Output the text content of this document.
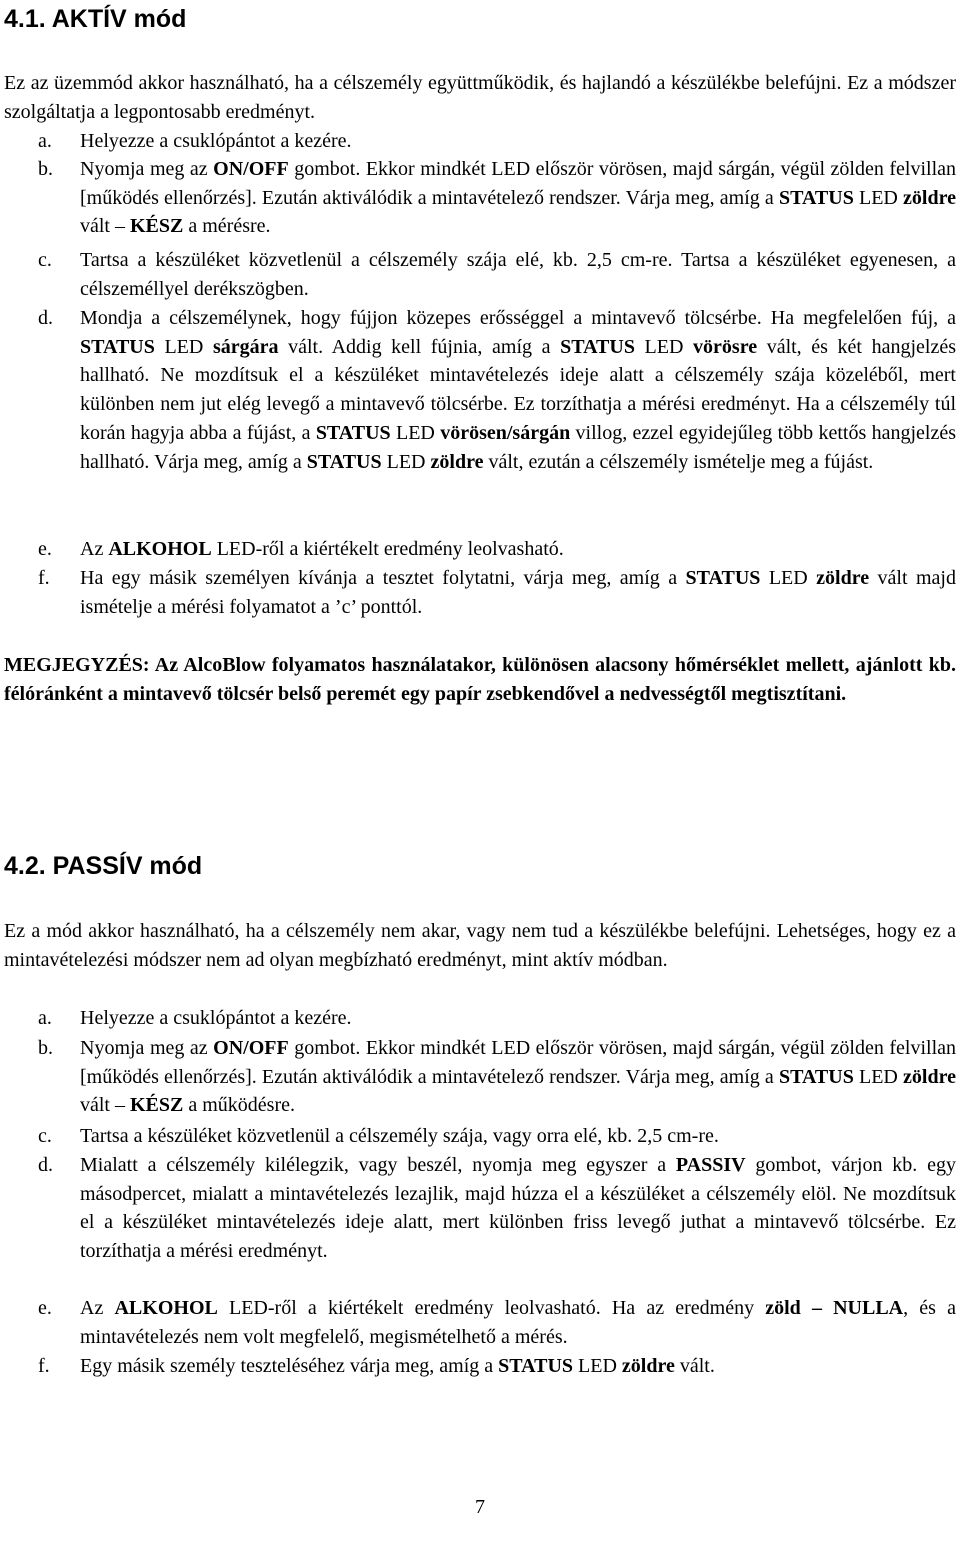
4.1. AKTÍV mód

Ez az üzemmód akkor használható, ha a célszemély együttműködik, és hajlandó a készülékbe belefújni. Ez a módszer szolgáltatja a legpontosabb eredményt.

a. Helyezze a csuklópántot a kezére.
b. Nyomja meg az ON/OFF gombot. Ekkor mindkét LED először vörösen, majd sárgán, végül zölden felvillan [működés ellenőrzés]. Ezután aktiválódik a mintavételező rendszer. Várja meg, amíg a STATUS LED zöldre vált – KÉSZ a mérésre.
c. Tartsa a készüléket közvetlenül a célszemély szája elé, kb. 2,5 cm-re. Tartsa a készüléket egyenesen, a célszeméllyel derékszögben.
d. Mondja a célszemélynek, hogy fújjon közepes erősséggel a mintavevő tölcsérbe. Ha megfelelően fúj, a STATUS LED sárgára vált. Addig kell fújnia, amíg a STATUS LED vörösre vált, és két hangjelzés hallható. Ne mozdítsuk el a készüléket mintavételezés ideje alatt a célszemély szája közeléből, mert különben nem jut elég levegő a mintavevő tölcsérbe. Ez torzíthatja a mérési eredményt. Ha a célszemély túl korán hagyja abba a fújást, a STATUS LED vörösen/sárgán villog, ezzel egyidejűleg több kettős hangjelzés hallható. Várja meg, amíg a STATUS LED zöldre vált, ezután a célszemély ismételje meg a fújást.
e. Az ALKOHOL LED-ről a kiértékelt eredmény leolvasható.
f. Ha egy másik személyen kívánja a tesztet folytatni, várja meg, amíg a STATUS LED zöldre vált majd ismételje a mérési folyamatot a ’c’ ponttól.

MEGJEGYZÉS: Az AlcoBlow folyamatos használatakor, különösen alacsony hőmérséklet mellett, ajánlott kb. félóránként a mintavevő tölcsér belső peremét egy papír zsebkendővel a nedvességtől megtisztítani.

4.2. PASSÍV mód

Ez a mód akkor használható, ha a célszemély nem akar, vagy nem tud a készülékbe belefújni. Lehetséges, hogy ez a mintavételezési módszer nem ad olyan megbízható eredményt, mint aktív módban.

a. Helyezze a csuklópántot a kezére.
b. Nyomja meg az ON/OFF gombot. Ekkor mindkét LED először vörösen, majd sárgán, végül zölden felvillan [működés ellenőrzés]. Ezután aktiválódik a mintavételező rendszer. Várja meg, amíg a STATUS LED zöldre vált – KÉSZ a működésre.
c. Tartsa a készüléket közvetlenül a célszemély szája, vagy orra elé, kb. 2,5 cm-re.
d. Mialatt a célszemély kilélegzik, vagy beszél, nyomja meg egyszer a PASSIV gombot, várjon kb. egy másodpercet, mialatt a mintavételezés lezajlik, majd húzza el a készüléket a célszemély elöl. Ne mozdítsuk el a készüléket mintavételezés ideje alatt, mert különben friss levegő juthat a mintavevő tölcsérbe. Ez torzíthatja a mérési eredményt.
e. Az ALKOHOL LED-ről a kiértékelt eredmény leolvasható. Ha az eredmény zöld – NULLA, és a mintavételezés nem volt megfelelő, megismételhető a mérés.
f. Egy másik személy teszteléséhez várja meg, amíg a STATUS LED zöldre vált.
7
